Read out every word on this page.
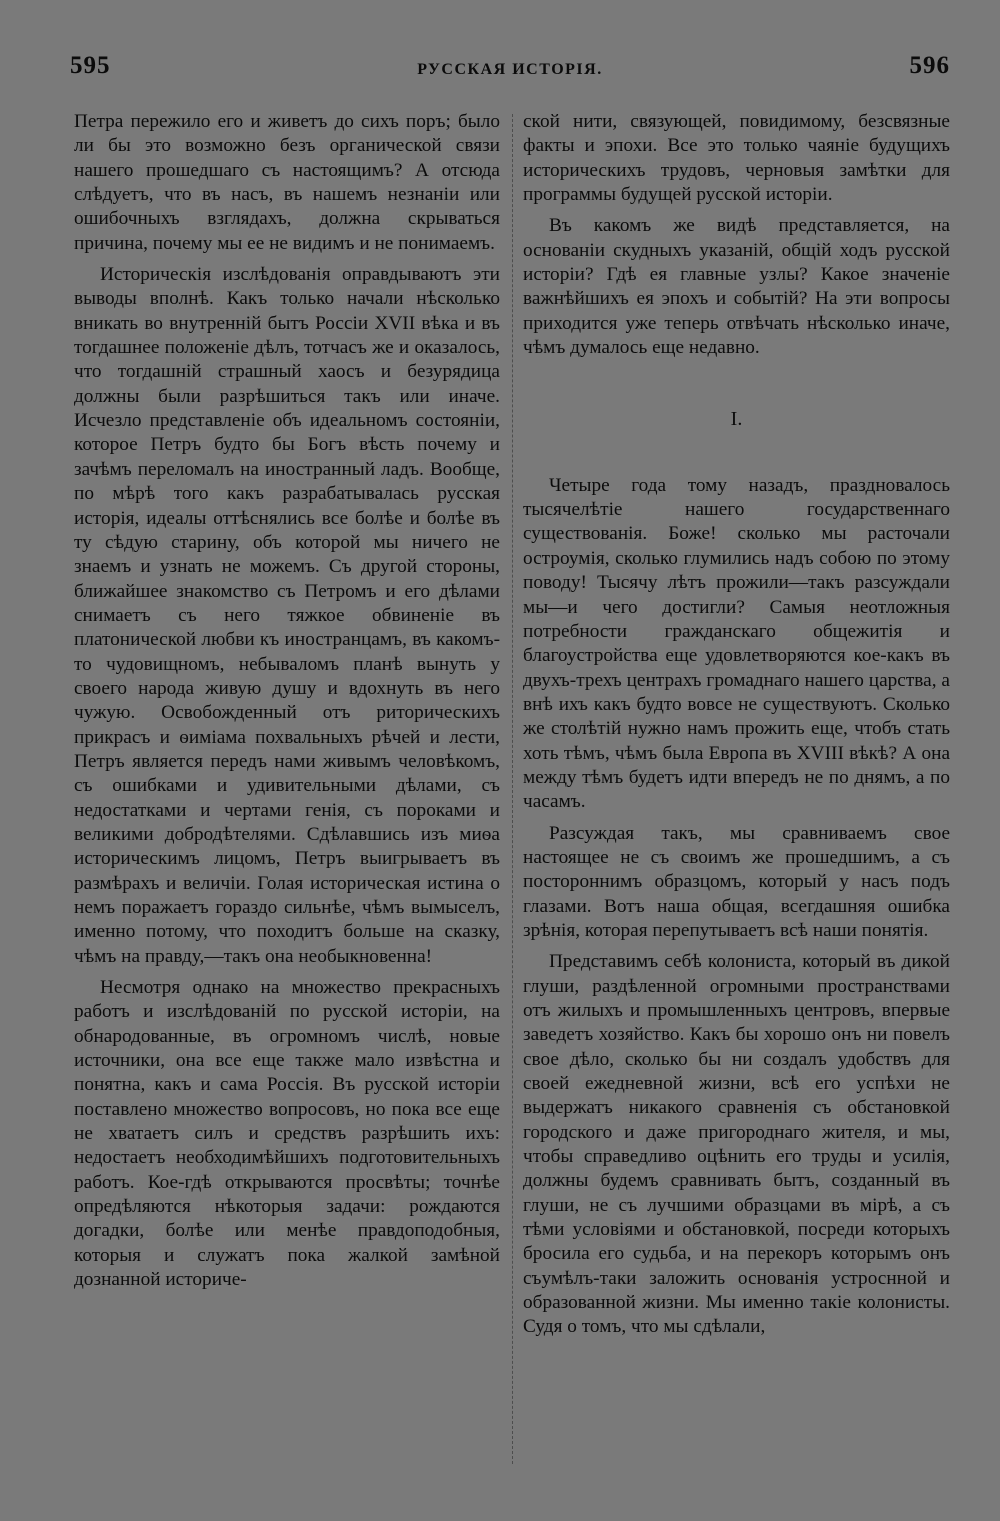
595	РУССКАЯ ИСТОРІЯ.	596

Петра пережило его и живетъ до сихъ поръ; было ли бы это возможно безъ органической связи нашего прошедшаго съ настоящимъ? А отсюда слѣдуетъ, что въ насъ, въ нашемъ незнаніи или ошибочныхъ взглядахъ, должна скрываться причина, почему мы ее не видимъ и не понимаемъ.

Историческія изслѣдованія оправдываютъ эти выводы вполнѣ. Какъ только начали нѣсколько вникать во внутренній бытъ Россіи XVII вѣка и въ тогдашнее положеніе дѣлъ, тотчасъ же и оказалось, что тогдашній страшный хаосъ и безурядица должны были разрѣшиться такъ или иначе. Исчезло представленіе объ идеальномъ состояніи, которое Петръ будто бы Богъ вѣсть почему и зачѣмъ переломалъ на иностранный ладъ. Вообще, по мѣрѣ того какъ разрабатывалась русская исторія, идеалы оттѣснялись все болѣе и болѣе въ ту сѣдую старину, объ которой мы ничего не знаемъ и узнать не можемъ. Съ другой стороны, ближайшее знакомство съ Петромъ и его дѣлами снимаетъ съ него тяжкое обвиненіе въ платонической любви къ иностранцамъ, въ какомъ-то чудовищномъ, небываломъ планѣ вынуть у своего народа живую душу и вдохнуть въ него чужую. Освобожденный отъ риторическихъ прикрасъ и ѳиміама похвальныхъ рѣчей и лести, Петръ является передъ нами живымъ человѣкомъ, съ ошибками и удивительными дѣлами, съ недостатками и чертами генія, съ пороками и великими добродѣтелями. Сдѣлавшись изъ миѳа историческимъ лицомъ, Петръ выигрываетъ въ размѣрахъ и величіи. Голая историческая истина о немъ поражаетъ гораздо сильнѣе, чѣмъ вымыселъ, именно потому, что походитъ больше на сказку, чѣмъ на правду,—такъ она необыкновенна!

Несмотря однако на множество прекрасныхъ работъ и изслѣдованій по русской исторіи, на обнародованные, въ огромномъ числѣ, новые источники, она все еще также мало извѣстна и понятна, какъ и сама Россія. Въ русской исторіи поставлено множество вопросовъ, но пока все еще не хватаетъ силъ и средствъ разрѣшить ихъ: недостаетъ необходимѣйшихъ подготовительныхъ работъ. Кое-гдѣ открываются просвѣты; точнѣе опредѣляются нѣкоторыя задачи: рождаются догадки, болѣе или менѣе правдоподобныя, которыя и служатъ пока жалкой замѣной дознанной историче-

ской нити, связующей, повидимому, безсвязные факты и эпохи. Все это только чаяніе будущихъ историческихъ трудовъ, черновыя замѣтки для программы будущей русской исторіи.

Въ какомъ же видѣ представляется, на основаніи скудныхъ указаній, общій ходъ русской исторіи? Гдѣ ея главные узлы? Какое значеніе важнѣйшихъ ея эпохъ и событій? На эти вопросы приходится уже теперь отвѣчать нѣсколько иначе, чѣмъ думалось еще недавно.

I.

Четыре года тому назадъ, праздновалось тысячелѣтіе нашего государственнаго существованія. Боже! сколько мы расточали остроумія, сколько глумились надъ собою по этому поводу! Тысячу лѣтъ прожили—такъ разсуждали мы—и чего достигли? Самыя неотложныя потребности гражданскаго общежитія и благоустройства еще удовлетворяются кое-какъ въ двухъ-трехъ центрахъ громаднаго нашего царства, а внѣ ихъ какъ будто вовсе не существуютъ. Сколько же столѣтій нужно намъ прожить еще, чтобъ стать хоть тѣмъ, чѣмъ была Европа въ XVIII вѣкѣ? А она между тѣмъ будетъ идти впередъ не по днямъ, а по часамъ.

Разсуждая такъ, мы сравниваемъ свое настоящее не съ своимъ же прошедшимъ, а съ постороннимъ образцомъ, который у насъ подъ глазами. Вотъ наша общая, всегдашняя ошибка зрѣнія, которая перепутываетъ всѣ наши понятія.

Представимъ себѣ колониста, который въ дикой глуши, раздѣленной огромными пространствами отъ жилыхъ и промышленныхъ центровъ, впервые заведетъ хозяйство. Какъ бы хорошо онъ ни повелъ свое дѣло, сколько бы ни создалъ удобствъ для своей ежедневной жизни, всѣ его успѣхи не выдержатъ никакого сравненія съ обстановкой городского и даже пригороднаго жителя, и мы, чтобы справедливо оцѣнить его труды и усилія, должны будемъ сравнивать бытъ, созданный въ глуши, не съ лучшими образцами въ мірѣ, а съ тѣми условіями и обстановкой, посреди которыхъ бросила его судьба, и на перекоръ которымъ онъ съумѣлъ-таки заложить основанія устроснной и образованной жизни. Мы именно такіе колонисты. Судя о томъ, что мы сдѣлали,
